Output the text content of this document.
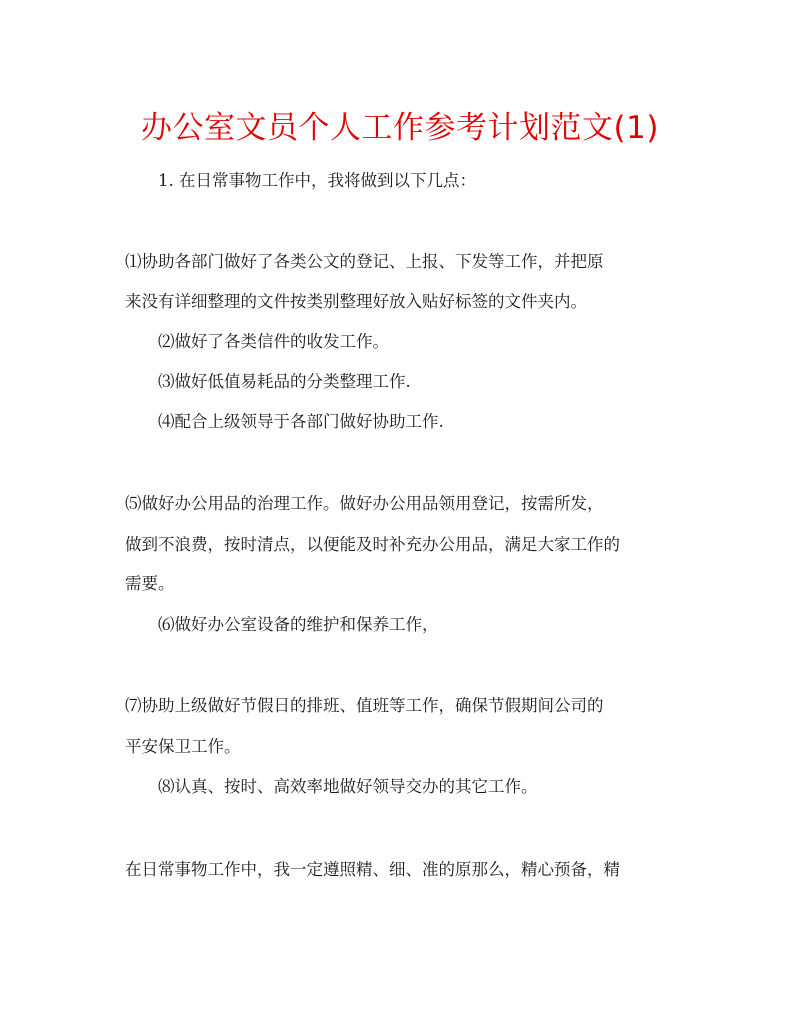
办公室文员个人工作参考计划范文(1)
1. 在日常事物工作中，我将做到以下几点：
⑴协助各部门做好了各类公文的登记、上报、下发等工作，并把原
来没有详细整理的文件按类别整理好放入贴好标签的文件夹内。
⑵做好了各类信件的收发工作。
⑶做好低值易耗品的分类整理工作.
⑷配合上级领导于各部门做好协助工作.
⑸做好办公用品的治理工作。做好办公用品领用登记，按需所发，
做到不浪费，按时清点，以便能及时补充办公用品，满足大家工作的
需要。
⑹做好办公室设备的维护和保养工作，
⑺协助上级做好节假日的排班、值班等工作，确保节假期间公司的
平安保卫工作。
⑻认真、按时、高效率地做好领导交办的其它工作。
在日常事物工作中，我一定遵照精、细、准的原那么，精心预备，精
